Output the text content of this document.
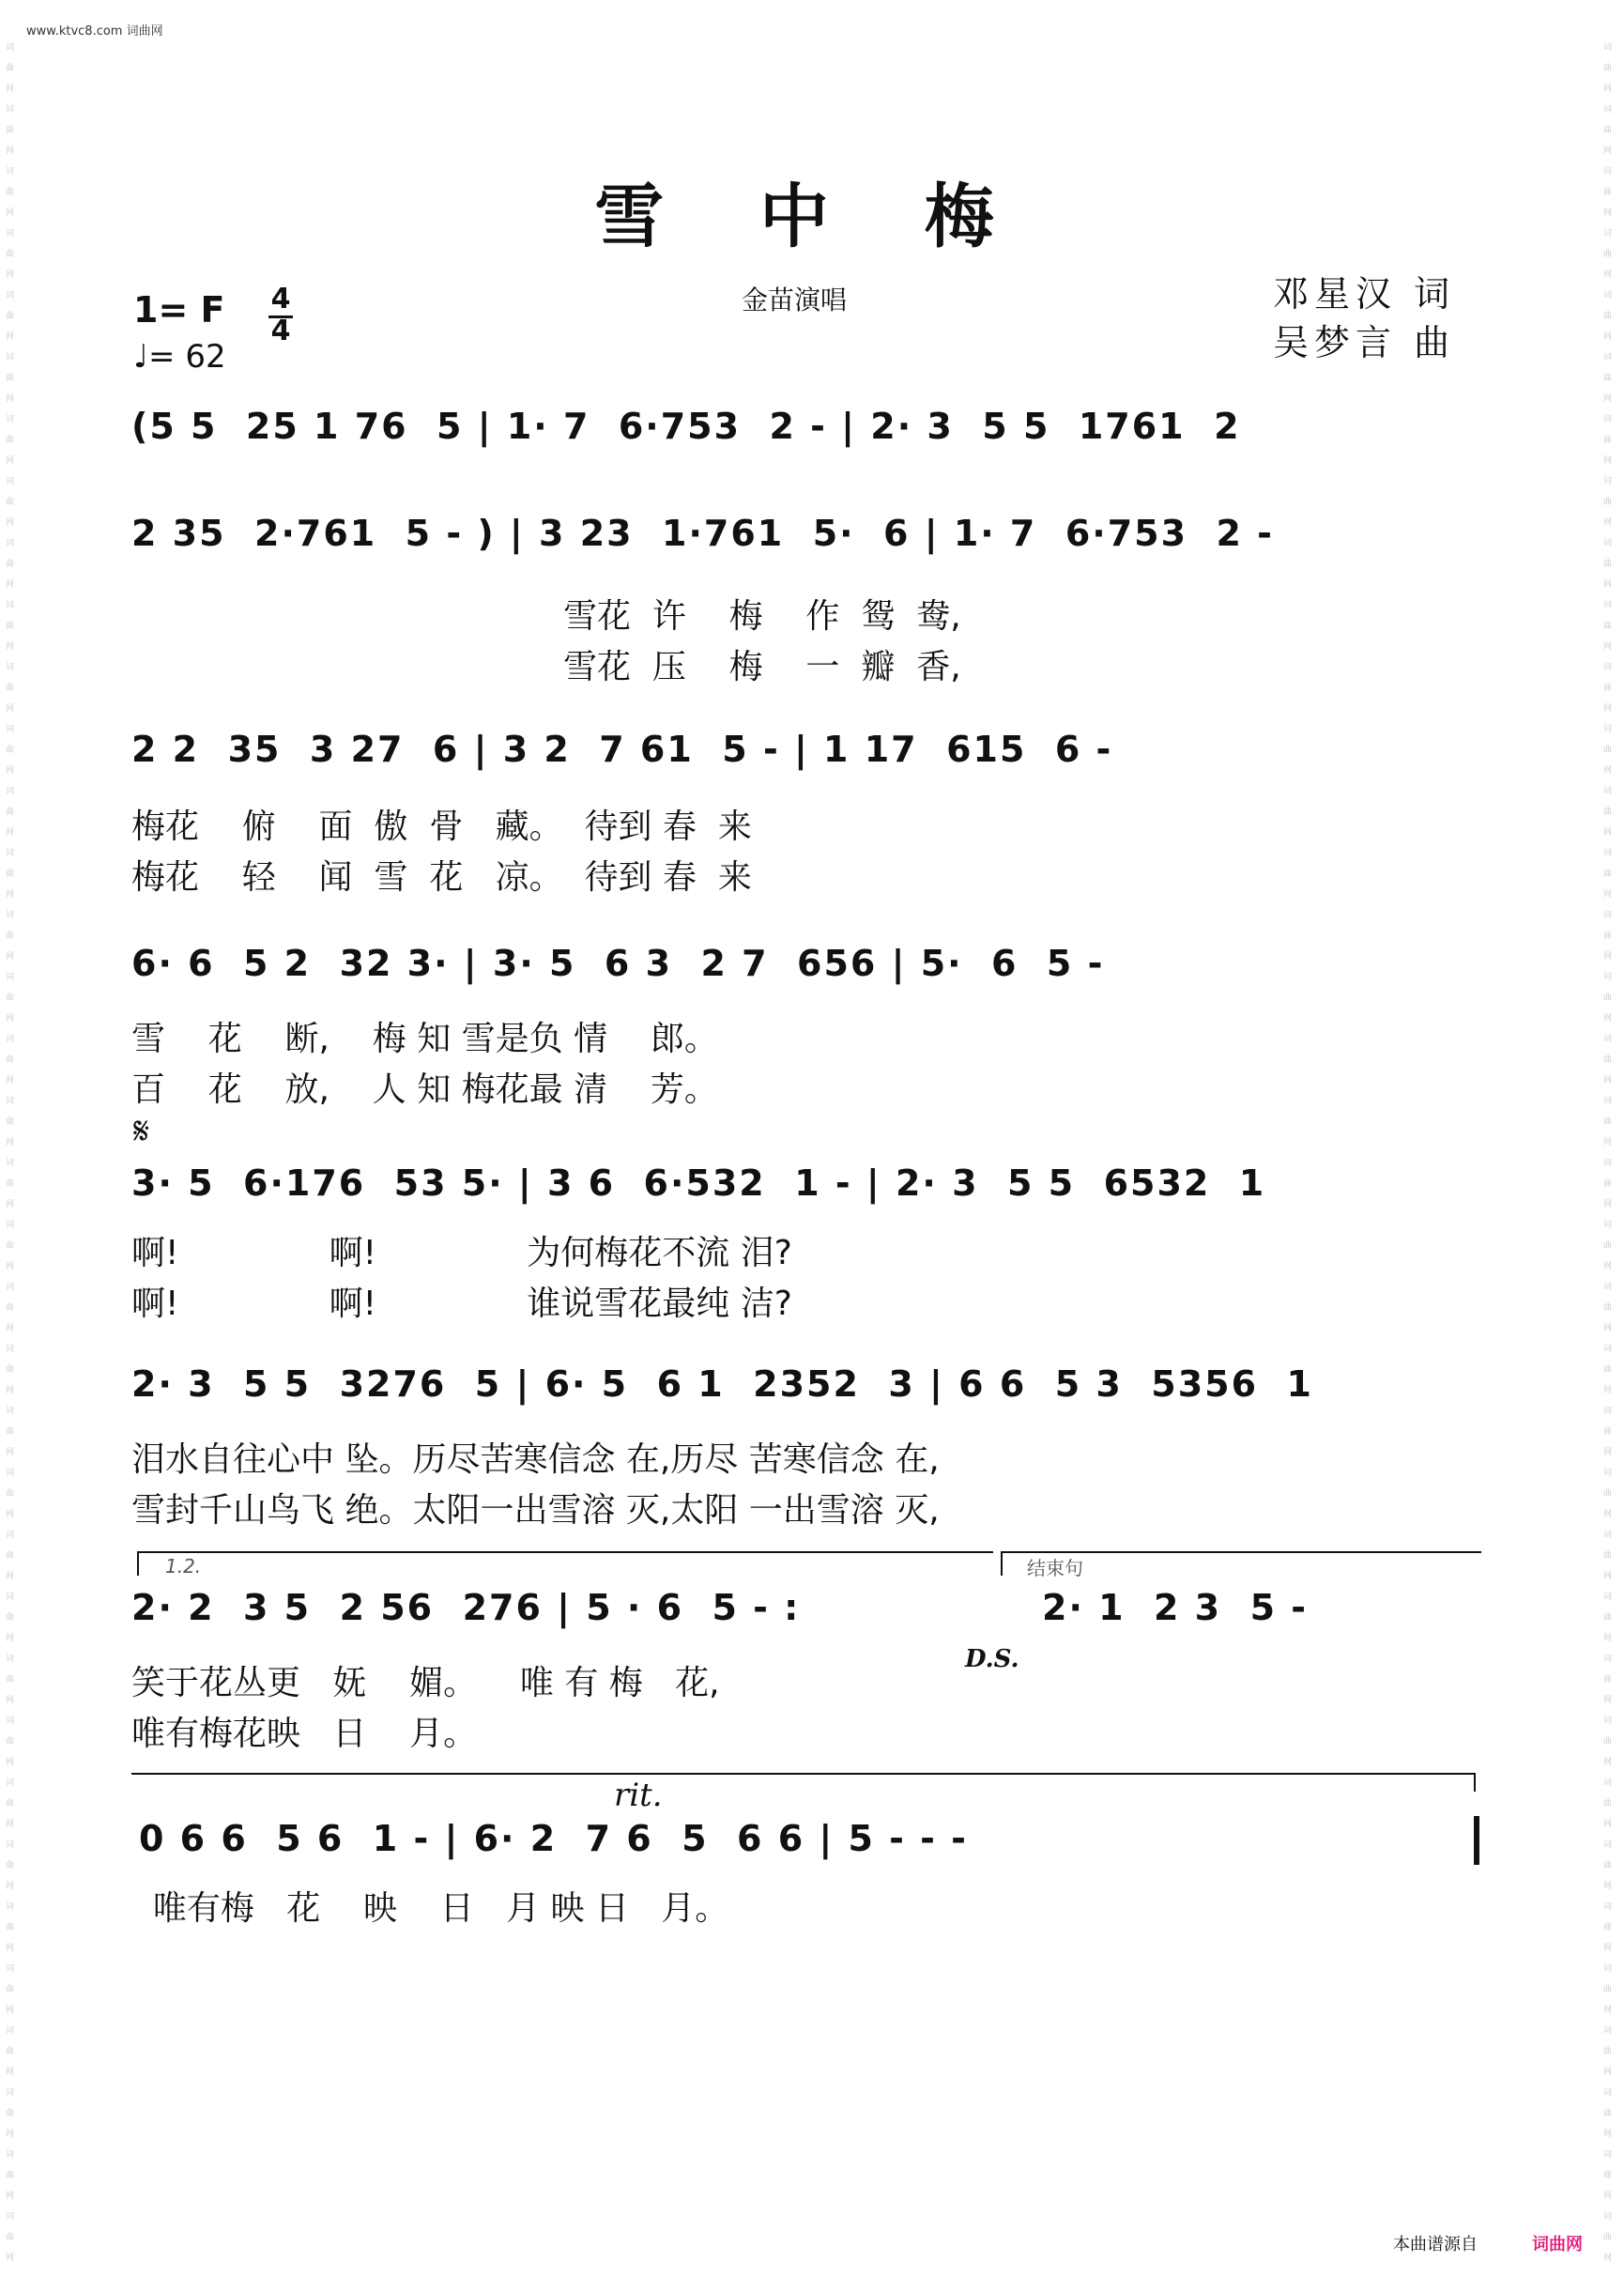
词
曲
网
词
曲
网
词
曲
网
词
曲
网
词
曲
网
词
曲
网
词
曲
网
词
曲
网
词
曲
网
词
曲
网
词
曲
网
词
曲
网
词
曲
网
词
曲
网
词
曲
网
词
曲
网
词
曲
网
词
曲
网
词
曲
网
词
曲
网
词
曲
网
词
曲
网
词
曲
网
词
曲
网
词
曲
网
词
曲
网
词
曲
网
词
曲
网
词
曲
网
词
曲
网
词
曲
网
词
曲
网
词
曲
网
词
曲
网
词
曲
网
词
曲
网

词
曲
网
词
曲
网
词
曲
网
词
曲
网
词
曲
网
词
曲
网
词
曲
网
词
曲
网
词
曲
网
词
曲
网
词
曲
网
词
曲
网
词
曲
网
词
曲
网
词
曲
网
词
曲
网
词
曲
网
词
曲
网
词
曲
网
词
曲
网
词
曲
网
词
曲
网
词
曲
网
词
曲
网
词
曲
网
词
曲
网
词
曲
网
词
曲
网
词
曲
网
词
曲
网
词
曲
网
词
曲
网
词
曲
网
词
曲
网
词
曲
网
词
曲
网

www.ktvc8.com 词曲网
雪 中 梅
金苗演唱	邓星汉 词
吴梦言 曲
1= F 4
4
♩= 62
(5 5  25 1 76  5 | 1· 7  6·753  2 - | 2· 3  5 5  1761  2
2 35  2·761  5 - ) | 3 23  1·761  5·  6 | 1· 7  6·753  2 -
雪花  许    梅    作  鸳  鸯,
雪花  压    梅    一  瓣  香,
2 2  35  3 27  6 | 3 2  7 61  5 - | 1 17  615  6 -
梅花    俯    面  傲  骨   藏。  待到 春  来
梅花    轻    闻  雪  花   凉。  待到 春  来
6· 6  5 2  32 3· | 3· 5  6 3  2 7  656 | 5·  6  5 -
雪    花    断,    梅 知 雪是负 情    郎。
百    花    放,    人 知 梅花最 清    芳。
𝄋
3· 5  6·176  53 5· | 3 6  6·532  1 - | 2· 3  5 5  6532  1
啊!              啊!              为何梅花不流 泪?
啊!              啊!              谁说雪花最纯 洁?
2· 3  5 5  3276  5 | 6· 5  6 1  2352  3 | 6 6  5 3  5356  1
泪水自往心中 坠。历尽苦寒信念 在,历尽 苦寒信念 在,
雪封千山鸟飞 绝。太阳一出雪溶 灭,太阳 一出雪溶 灭,
1.2.	结束句
2· 2  3 5  2 56  276 | 5 · 6  5 - :	2· 1  2 3  5 -
D.S.
笑于花丛更   妩    媚。    唯 有 梅   花,
唯有梅花映   日    月。
rit.
0 6 6  5 6  1 - | 6· 2  7 6  5  6 6 | 5 - - -
唯有梅   花    映    日   月 映 日   月。
本曲谱源自	词曲网
